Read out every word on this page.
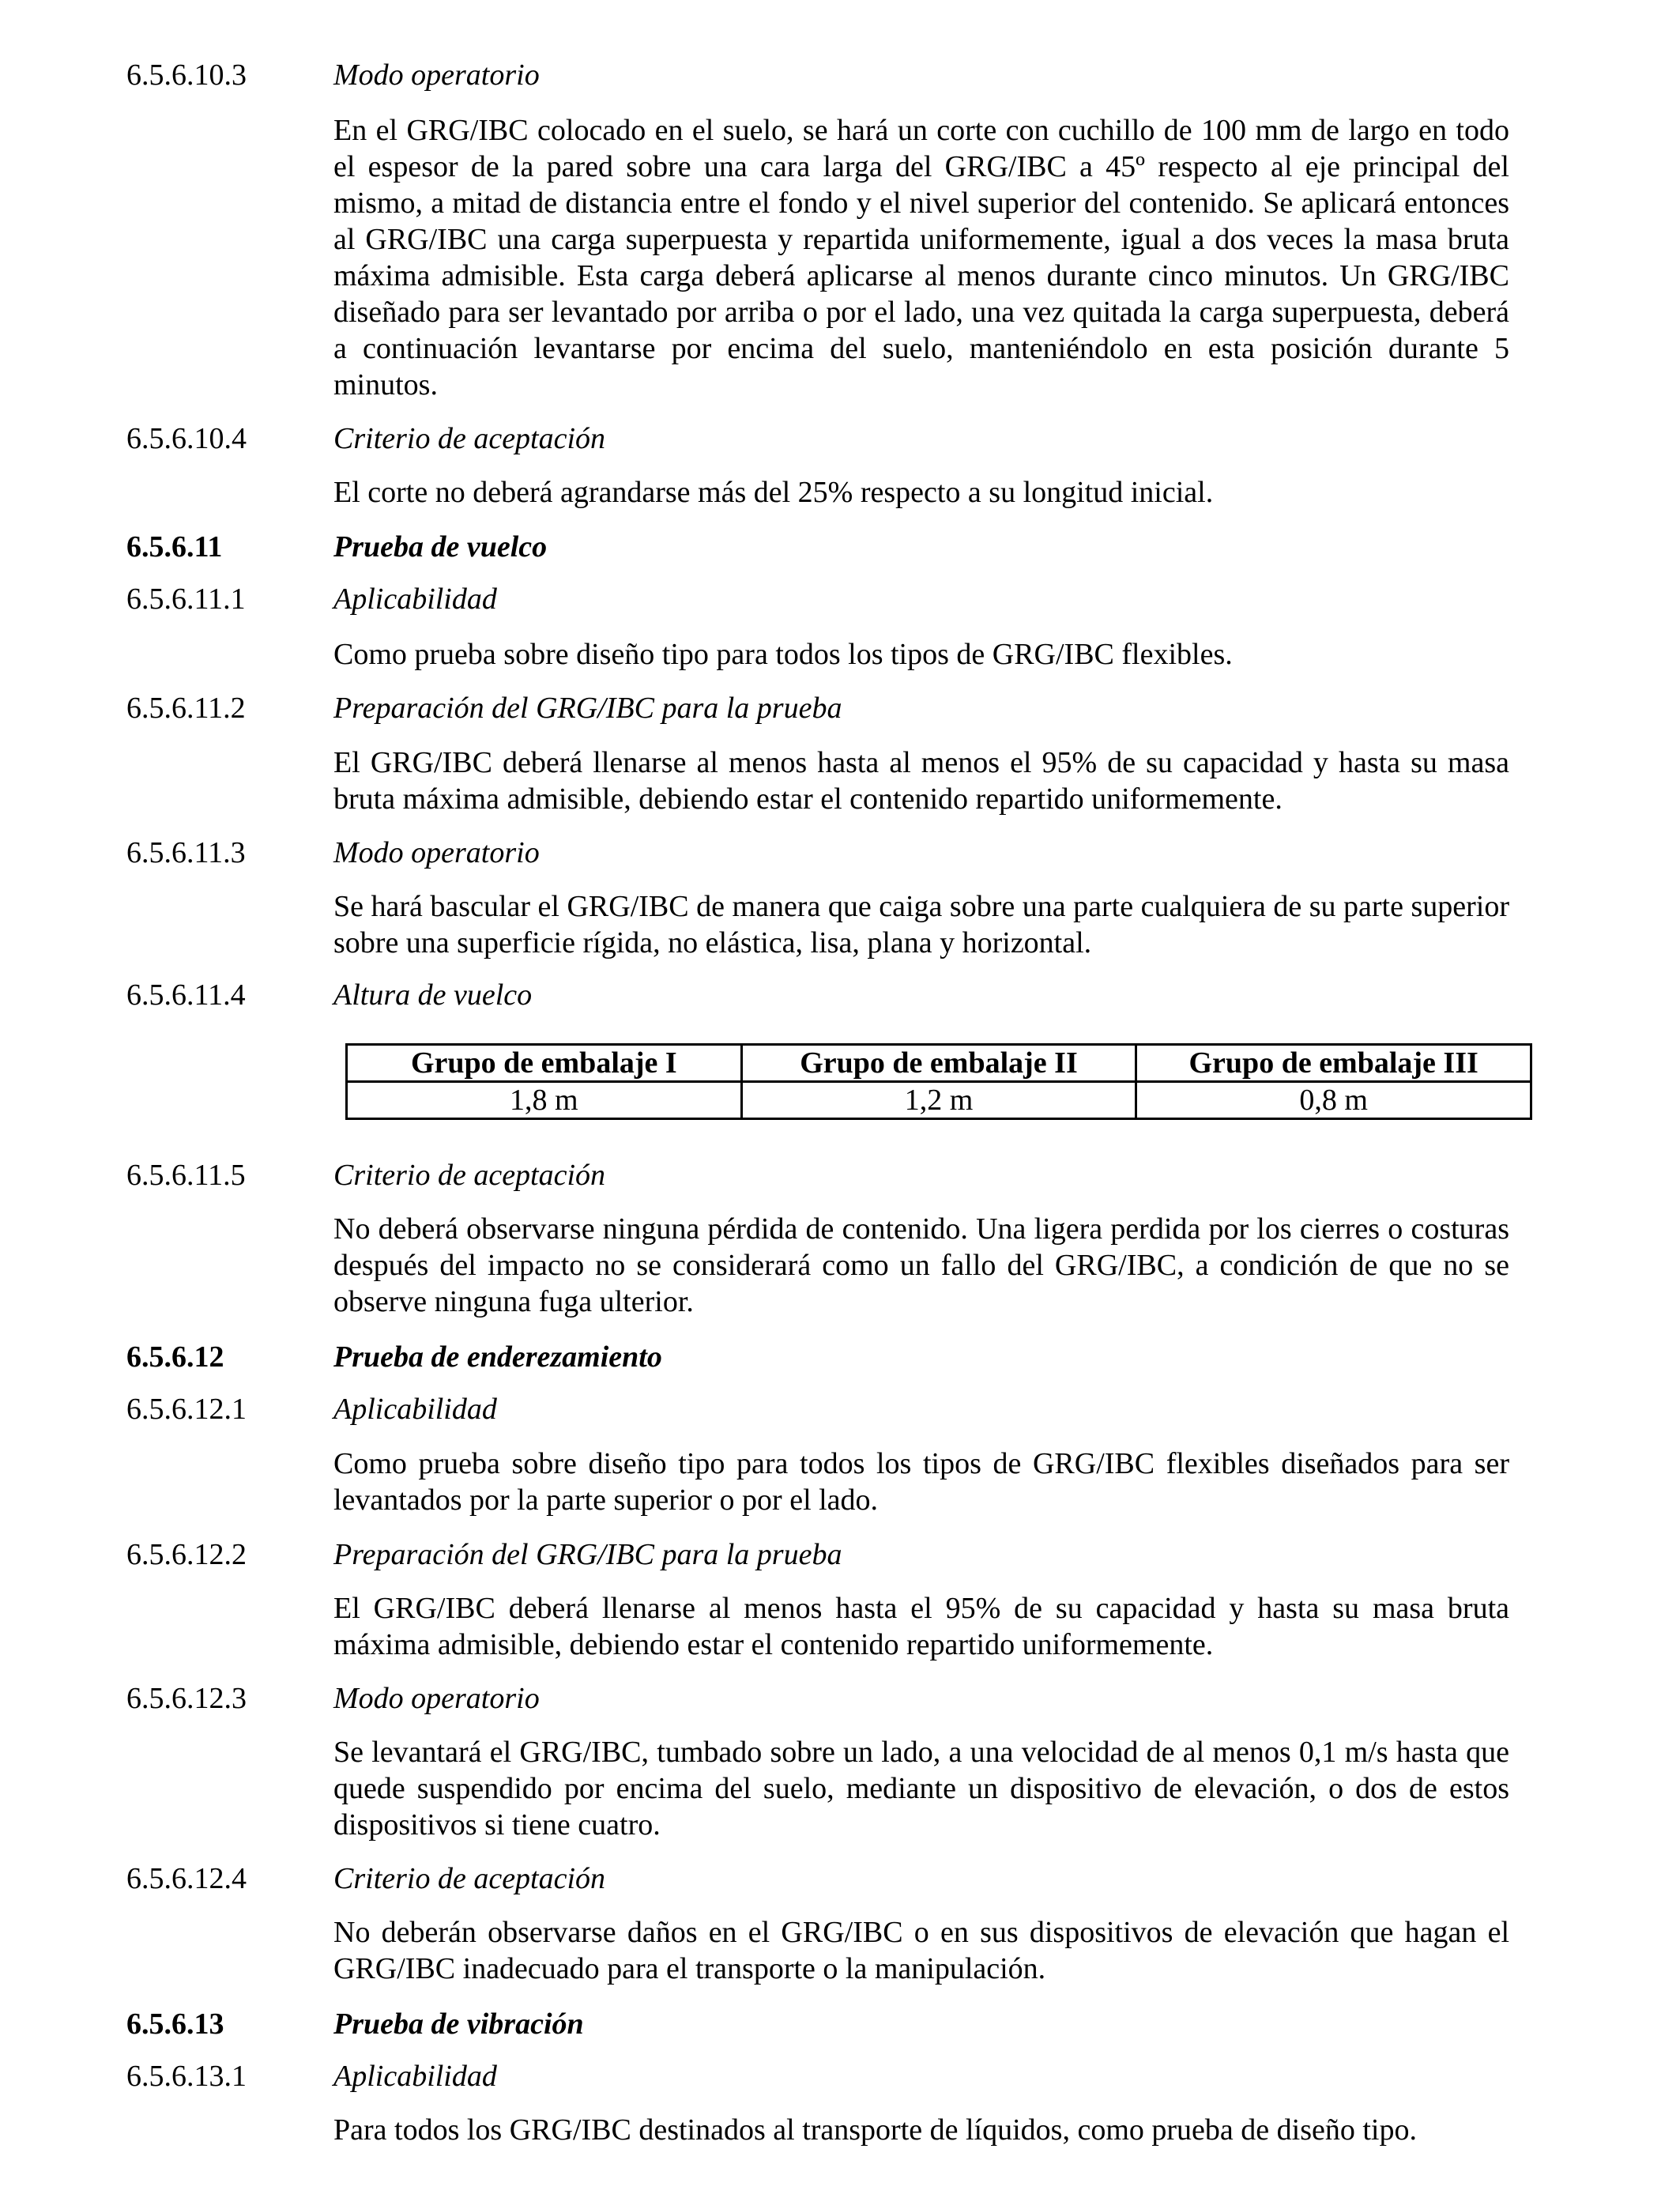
6.5.6.10.3	Modo operatorio

En el GRG/IBC colocado en el suelo, se hará un corte con cuchillo de 100 mm de largo en todo el espesor de la pared sobre una cara larga del GRG/IBC a 45º respecto al eje principal del mismo, a mitad de distancia entre el fondo y el nivel superior del contenido. Se aplicará entonces al GRG/IBC una carga superpuesta y repartida uniformemente, igual a dos veces la masa bruta máxima admisible. Esta carga deberá aplicarse al menos durante cinco minutos. Un GRG/IBC diseñado para ser levantado por arriba o por el lado, una vez quitada la carga superpuesta, deberá a continuación levantarse por encima del suelo, manteniéndolo en esta posición durante 5 minutos.

6.5.6.10.4	Criterio de aceptación

El corte no deberá agrandarse más del 25% respecto a su longitud inicial.

6.5.6.11	Prueba de vuelco
6.5.6.11.1	Aplicabilidad

Como prueba sobre diseño tipo para todos los tipos de GRG/IBC flexibles.

6.5.6.11.2	Preparación del GRG/IBC para la prueba

El GRG/IBC deberá llenarse al menos hasta al menos el 95% de su capacidad y hasta su masa bruta máxima admisible, debiendo estar el contenido repartido uniformemente.

6.5.6.11.3	Modo operatorio

Se hará bascular el GRG/IBC de manera que caiga sobre una parte cualquiera de su parte superior sobre una superficie rígida, no elástica, lisa, plana y horizontal.

6.5.6.11.4	Altura de vuelco
Grupo de embalaje I	Grupo de embalaje II	Grupo de embalaje III
1,8 m	1,2 m	0,8 m
6.5.6.11.5	Criterio de aceptación

No deberá observarse ninguna pérdida de contenido. Una ligera perdida por los cierres o costuras después del impacto no se considerará como un fallo del GRG/IBC, a condición de que no se observe ninguna fuga ulterior.

6.5.6.12	Prueba de enderezamiento
6.5.6.12.1	Aplicabilidad

Como prueba sobre diseño tipo para todos los tipos de GRG/IBC flexibles diseñados para ser levantados por la parte superior o por el lado.

6.5.6.12.2	Preparación del GRG/IBC para la prueba

El GRG/IBC deberá llenarse al menos hasta el 95% de su capacidad y hasta su masa bruta máxima admisible, debiendo estar el contenido repartido uniformemente.

6.5.6.12.3	Modo operatorio

Se levantará el GRG/IBC, tumbado sobre un lado, a una velocidad de al menos 0,1 m/s hasta que quede suspendido por encima del suelo, mediante un dispositivo de elevación, o dos de estos dispositivos si tiene cuatro.

6.5.6.12.4	Criterio de aceptación

No deberán observarse daños en el GRG/IBC o en sus dispositivos de elevación que hagan el GRG/IBC inadecuado para el transporte o la manipulación.

6.5.6.13	Prueba de vibración
6.5.6.13.1	Aplicabilidad

Para todos los GRG/IBC destinados al transporte de líquidos, como prueba de diseño tipo.
